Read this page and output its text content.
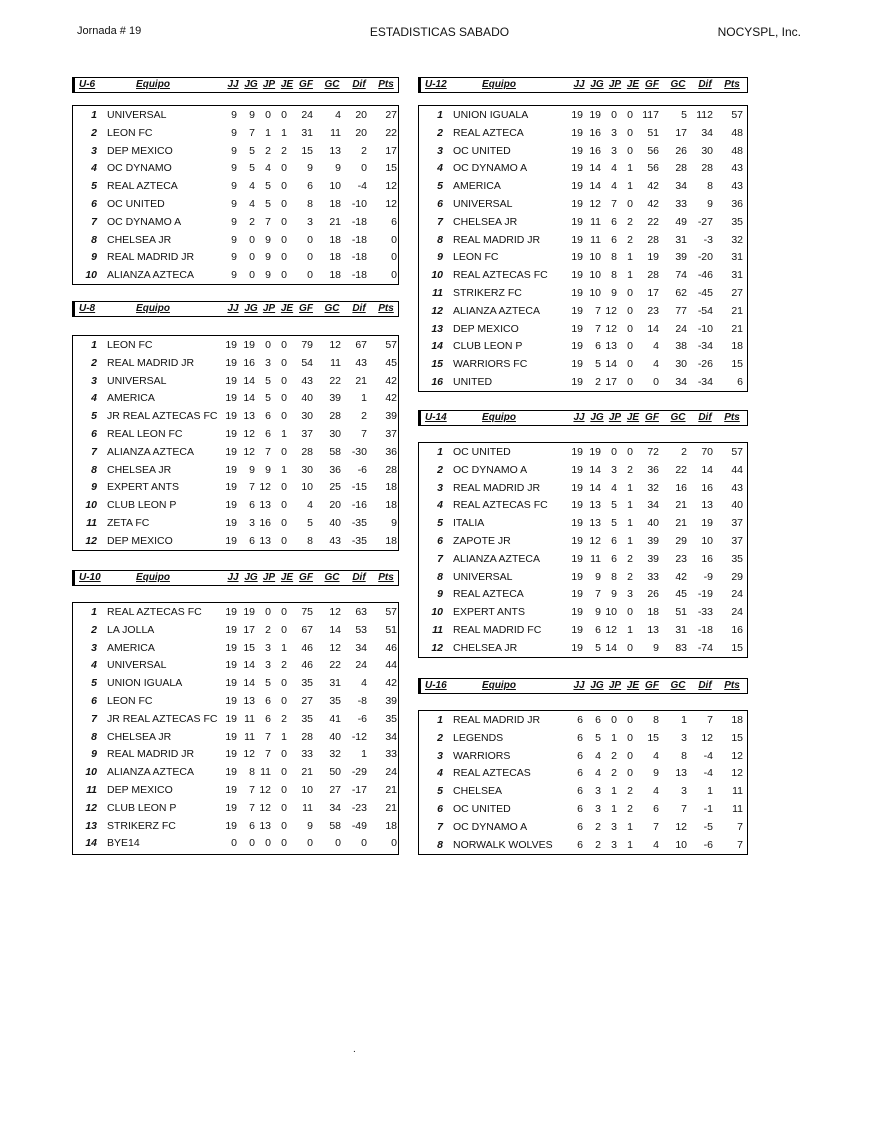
Jornada # 19	ESTADISTICAS SABADO	NOCYSPL, Inc.
U-6	Equipo	JJ JG JP JE GF	GC	Dif	Pts
1 UNIVERSAL	9	9 0 0	24	4	20	27
2 LEON FC	9	7 1 1	31	11	20	22
3 DEP MEXICO	9	5 2 2	15	13	2	17
4 OC DYNAMO	9	5 4 0	9	9	0	15
5 REAL AZTECA	9	4 5 0	6	10	-4	12
6 OC UNITED	9	4 5 0	8	18	-10	12
7 OC DYNAMO A	9	2 7 0	3	21	-18	6
8 CHELSEA JR	9	0 9 0	0	18	-18	0
9 REAL MADRID JR	9	0 9 0	0	18	-18	0
10 ALIANZA AZTECA	9	0 9 0	0	18	-18	0
U-8	Equipo	JJ JG JP JE GF	GC	Dif	Pts
1 LEON FC	19 19 0 0	79	12	67	57
2 REAL MADRID JR	19 16 3 0	54	11	43	45
3 UNIVERSAL	19 14 5 0	43	22	21	42
4 AMERICA	19 14 5 0	40	39	1	42
5 JR REAL AZTECAS FC 19 13 6 0	30	28	2	39
6 REAL LEON FC	19 12 6 1	37	30	7	37
7 ALIANZA AZTECA	19 12 7 0	28	58	-30	36
8 CHELSEA JR	19	9 9 1	30	36	-6	28
9 EXPERT ANTS	19	7 12 0	10	25	-15	18
10 CLUB LEON P	19	6 13 0	4	20	-16	18
11 ZETA FC	19	3 16 0	5	40	-35	9
12 DEP MEXICO	19	6 13 0	8	43	-35	18
U-10	Equipo	JJ JG JP JE GF	GC	Dif	Pts
1 REAL AZTECAS FC	19 19 0 0	75	12	63	57
2 LA JOLLA	19 17 2 0	67	14	53	51
3 AMERICA	19 15 3 1	46	12	34	46
4 UNIVERSAL	19 14 3 2	46	22	24	44
5 UNION IGUALA	19 14 5 0	35	31	4	42
6 LEON FC	19 13 6 0	27	35	-8	39
7 JR REAL AZTECAS FC 19 11 6 2	35	41	-6	35
8 CHELSEA JR	19 11 7 1	28	40	-12	34
9 REAL MADRID JR	19 12 7 0	33	32	1	33
10 ALIANZA AZTECA	19	8 11 0	21	50	-29	24
11 DEP MEXICO	19	7 12 0	10	27	-17	21
12 CLUB LEON P	19	7 12 0	11	34	-23	21
13 STRIKERZ FC	19	6 13 0	9	58	-49	18
14 BYE14	0	0 0 0	0	0	0	0
U-12	Equipo	JJ JG JP JE GF	GC	Dif	Pts
1 UNION IGUALA	19 19 0 0 117	5 112	57
2 REAL AZTECA	19 16 3 0	51	17	34	48
3 OC UNITED	19 16 3 0	56	26	30	48
4 OC DYNAMO A	19 14 4 1	56	28	28	43
5 AMERICA	19 14 4 1	42	34	8	43
6 UNIVERSAL	19 12 7 0	42	33	9	36
7 CHELSEA JR	19 11 6 2	22	49	-27	35
8 REAL MADRID JR	19 11 6 2	28	31	-3	32
9 LEON FC	19 10 8 1	19	39	-20	31
10 REAL AZTECAS FC	19 10 8 1	28	74	-46	31
11 STRIKERZ FC	19 10 9 0	17	62	-45	27
12 ALIANZA AZTECA	19	7 12 0	23	77	-54	21
13 DEP MEXICO	19	7 12 0	14	24	-10	21
14 CLUB LEON P	19	6 13 0	4	38	-34	18
15 WARRIORS FC	19	5 14 0	4	30	-26	15
16 UNITED	19	2 17 0	0	34	-34	6
U-14	Equipo	JJ JG JP JE GF	GC	Dif	Pts
1 OC UNITED	19 19 0 0	72	2	70	57
2 OC DYNAMO A	19 14 3 2	36	22	14	44
3 REAL MADRID JR	19 14 4 1	32	16	16	43
4 REAL AZTECAS FC	19 13 5 1	34	21	13	40
5 ITALIA	19 13 5 1	40	21	19	37
6 ZAPOTE JR	19 12 6 1	39	29	10	37
7 ALIANZA AZTECA	19 11 6 2	39	23	16	35
8 UNIVERSAL	19	9 8 2	33	42	-9	29
9 REAL AZTECA	19	7 9 3	26	45	-19	24
10 EXPERT ANTS	19	9 10 0	18	51	-33	24
11 REAL MADRID FC	19	6 12 1	13	31	-18	16
12 CHELSEA JR	19	5 14 0	9	83	-74	15
U-16	Equipo	JJ JG JP JE GF	GC	Dif	Pts
1 REAL MADRID JR	6	6 0 0	8	1	7	18
2 LEGENDS	6	5 1 0	15	3	12	15
3 WARRIORS	6	4 2 0	4	8	-4	12
4 REAL AZTECAS	6	4 2 0	9	13	-4	12
5 CHELSEA	6	3 1 2	4	3	1	11
6 OC UNITED	6	3 1 2	6	7	-1	11
7 OC DYNAMO A	6	2 3 1	7	12	-5	7
8 NORWALK WOLVES	6	2 3 1	4	10	-6	7
.
